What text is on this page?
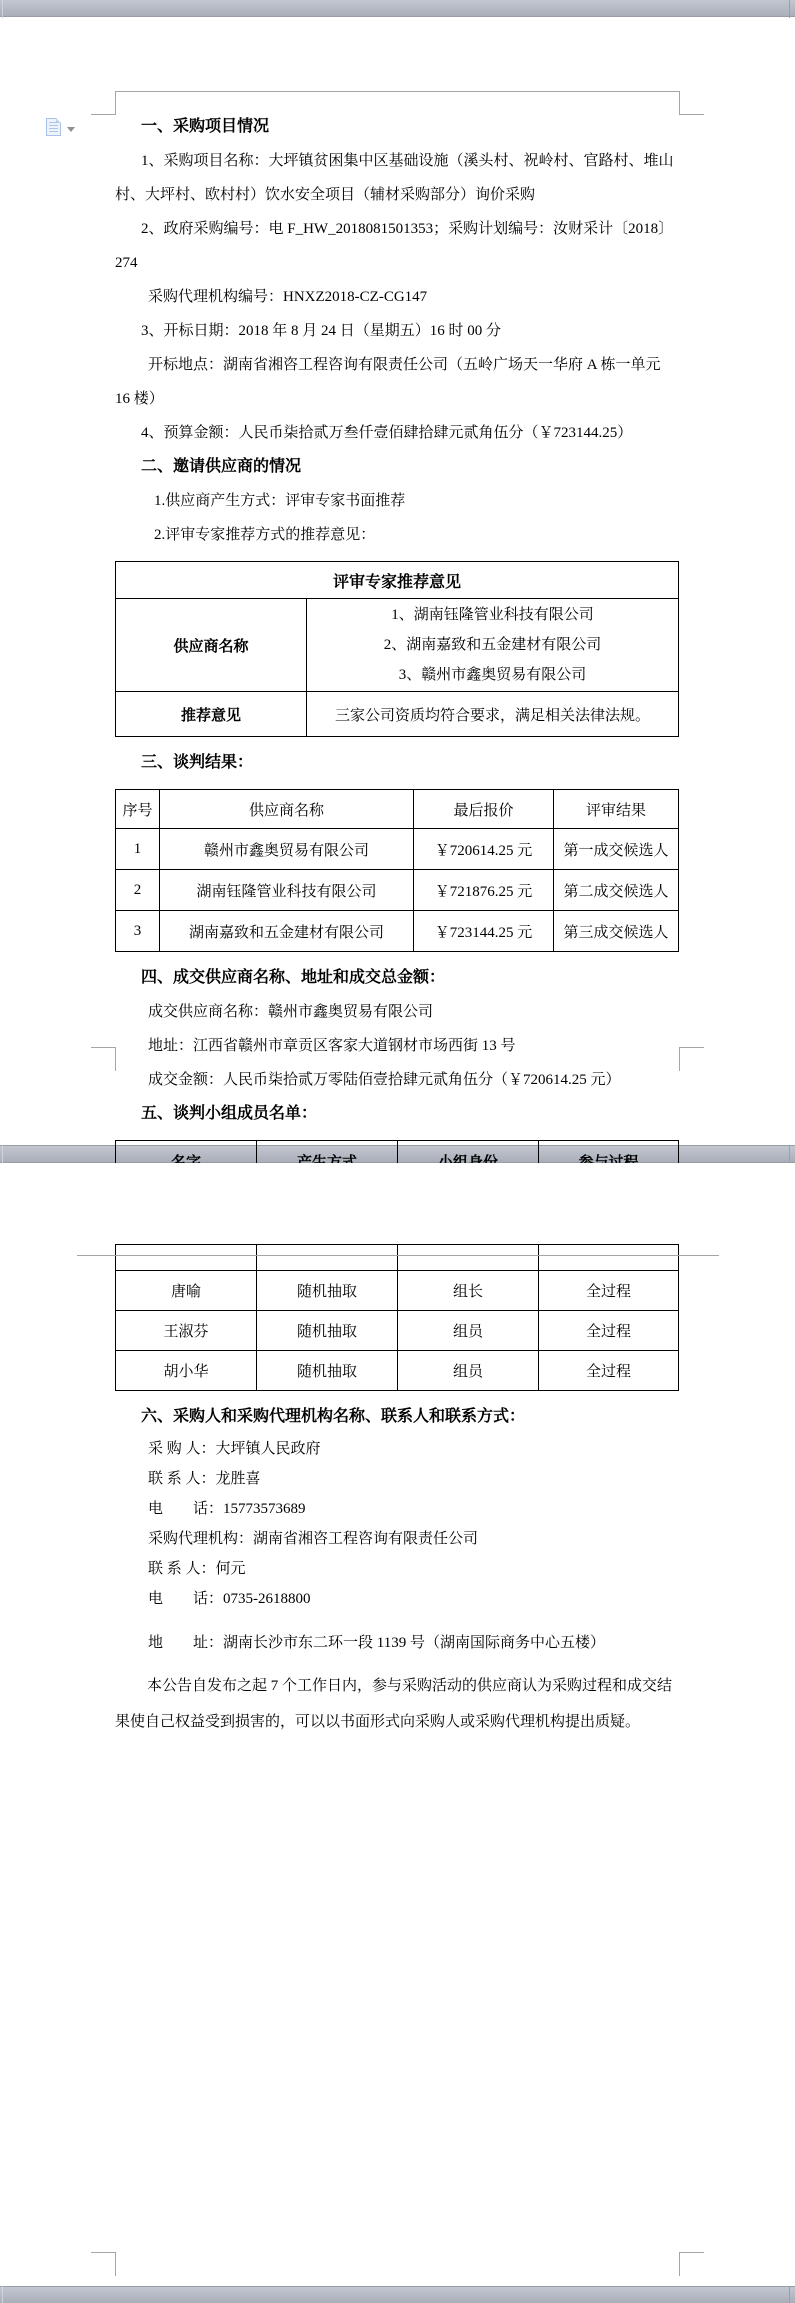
一、采购项目情况

1、采购项目名称：大坪镇贫困集中区基础设施（溪头村、祝岭村、官路村、堆山村、大坪村、欧村村）饮水安全项目（辅材采购部分）询价采购

2、政府采购编号：电 F_HW_2018081501353；采购计划编号：汝财采计〔2018〕274

采购代理机构编号：HNXZ2018-CZ-CG147

3、开标日期：2018 年 8 月 24 日（星期五）16 时 00 分

开标地点：湖南省湘咨工程咨询有限责任公司（五岭广场天一华府 A 栋一单元 16 楼）

4、预算金额：人民币柒拾贰万叁仟壹佰肆拾肆元贰角伍分（￥723144.25）

二、邀请供应商的情况

1.供应商产生方式：评审专家书面推荐

2.评审专家推荐方式的推荐意见：

评审专家推荐意见	
供应商名称	1、湖南钰隆管业科技有限公司
2、湖南嘉致和五金建材有限公司
3、赣州市鑫奥贸易有限公司

推荐意见	三家公司资质均符合要求，满足相关法律法规。

三、谈判结果：

序号	供应商名称	最后报价	评审结果
1	赣州市鑫奥贸易有限公司	￥720614.25 元	第一成交候选人
2	湖南钰隆管业科技有限公司	￥721876.25 元	第二成交候选人
3	湖南嘉致和五金建材有限公司	￥723144.25 元	第三成交候选人

四、成交供应商名称、地址和成交总金额：

成交供应商名称：赣州市鑫奥贸易有限公司

地址：江西省赣州市章贡区客家大道钢材市场西街 13 号

成交金额：人民币柒拾贰万零陆佰壹拾肆元贰角伍分（￥720614.25 元）

五、谈判小组成员名单：

唐喻	随机抽取	组长	全过程
王淑芬	随机抽取	组员	全过程
胡小华	随机抽取	组员	全过程

六、采购人和采购代理机构名称、联系人和联系方式：

采 购 人：大坪镇人民政府

联 系 人：龙胜喜

电　　话：15773573689

采购代理机构：湖南省湘咨工程咨询有限责任公司

联 系 人：何元

电　　话：0735-2618800

地　　址：湖南长沙市东二环一段 1139 号（湖南国际商务中心五楼）

本公告自发布之起 7 个工作日内，参与采购活动的供应商认为采购过程和成交结果使自己权益受到损害的，可以以书面形式向采购人或采购代理机构提出质疑。
